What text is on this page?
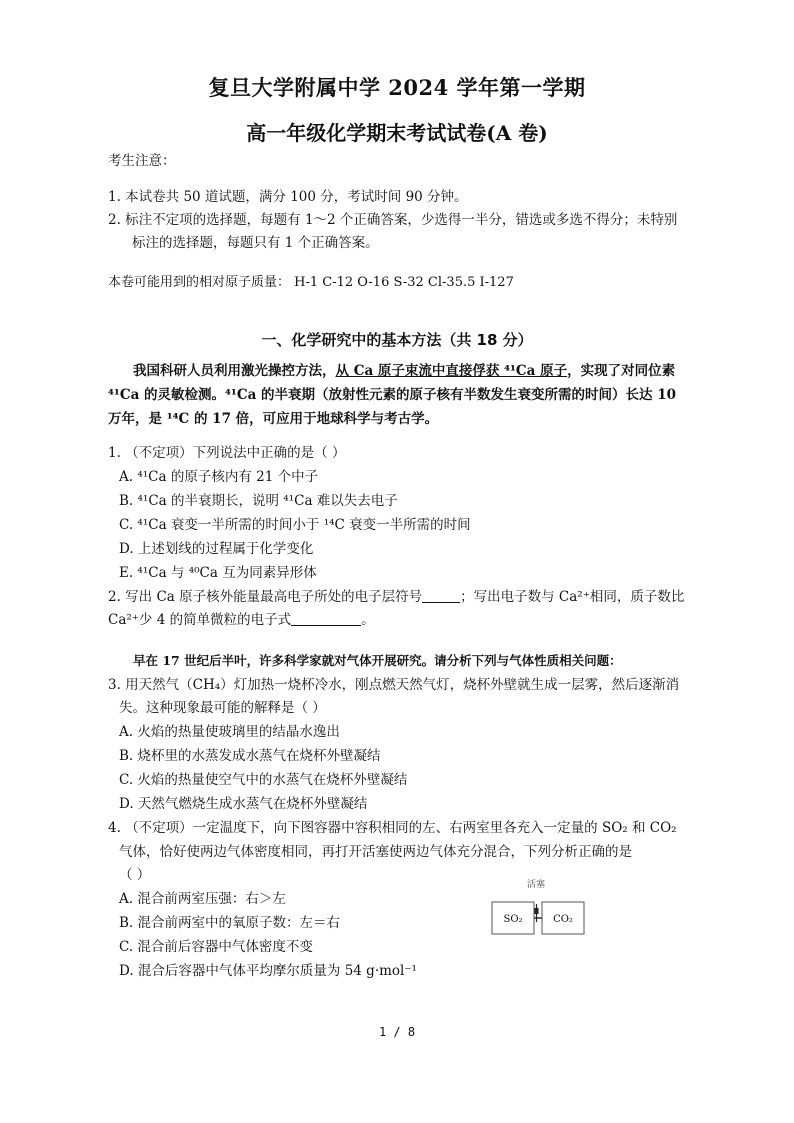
复旦大学附属中学 2024 学年第一学期
高一年级化学期末考试试卷(A 卷)
考生注意：
1. 本试卷共 50 道试题，满分 100 分，考试时间 90 分钟。
2. 标注不定项的选择题，每题有 1～2 个正确答案，少选得一半分，错选或多选不得分；未特别
标注的选择题，每题只有 1 个正确答案。
本卷可能用到的相对原子质量： H-1 C-12 O-16 S-32 Cl-35.5 I-127
一、化学研究中的基本方法（共 18 分）
我国科研人员利用激光操控方法，从 Ca 原子束流中直接俘获 ⁴¹Ca 原子，实现了对同位素
⁴¹Ca 的灵敏检测。⁴¹Ca 的半衰期（放射性元素的原子核有半数发生衰变所需的时间）长达 10
万年，是 ¹⁴C 的 17 倍，可应用于地球科学与考古学。
1. （不定项）下列说法中正确的是（ ）
A. ⁴¹Ca 的原子核内有 21 个中子
B. ⁴¹Ca 的半衰期长，说明 ⁴¹Ca 难以失去电子
C. ⁴¹Ca 衰变一半所需的时间小于 ¹⁴C 衰变一半所需的时间
D. 上述划线的过程属于化学变化
E. ⁴¹Ca 与 ⁴⁰Ca 互为同素异形体
2. 写出 Ca 原子核外能量最高电子所处的电子层符号	；写出电子数与 Ca²⁺相同，质子数比
Ca²⁺少 4 的简单微粒的电子式	。
早在 17 世纪后半叶，许多科学家就对气体开展研究。请分析下列与气体性质相关问题：
3. 用天然气（CH₄）灯加热一烧杯冷水，刚点燃天然气灯，烧杯外壁就生成一层雾，然后逐渐消
失。这种现象最可能的解释是（ ）
A. 火焰的热量使玻璃里的结晶水逸出
B. 烧杯里的水蒸发成水蒸气在烧杯外壁凝结
C. 火焰的热量使空气中的水蒸气在烧杯外壁凝结
D. 天然气燃烧生成水蒸气在烧杯外壁凝结
4. （不定项）一定温度下，向下图容器中容积相同的左、右两室里各充入一定量的 SO₂ 和 CO₂
气体，恰好使两边气体密度相同，再打开活塞使两边气体充分混合，下列分析正确的是
（ ）
A. 混合前两室压强：右＞左
B. 混合前两室中的氧原子数：左＝右
C. 混合前后容器中气体密度不变
D. 混合后容器中气体平均摩尔质量为 54 g·mol⁻¹
活塞
SO₂	CO₂
1 / 8
